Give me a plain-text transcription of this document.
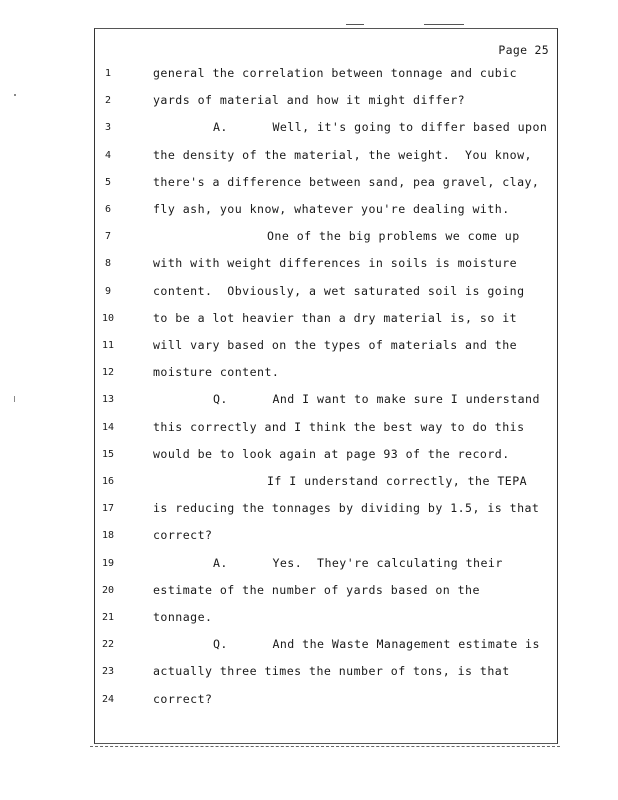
Page 25
1	general the correlation between tonnage and cubic
2	yards of material and how it might differ?
3	A.      Well, it's going to differ based upon
4	the density of the material, the weight.  You know,
5	there's a difference between sand, pea gravel, clay,
6	fly ash, you know, whatever you're dealing with.
7	One of the big problems we come up
8	with with weight differences in soils is moisture
9	content.  Obviously, a wet saturated soil is going
10	to be a lot heavier than a dry material is, so it
11	will vary based on the types of materials and the
12	moisture content.
13	Q.      And I want to make sure I understand
14	this correctly and I think the best way to do this
15	would be to look again at page 93 of the record.
16	If I understand correctly, the TEPA
17	is reducing the tonnages by dividing by 1.5, is that
18	correct?
19	A.      Yes.  They're calculating their
20	estimate of the number of yards based on the
21	tonnage.
22	Q.      And the Waste Management estimate is
23	actually three times the number of tons, is that
24	correct?
